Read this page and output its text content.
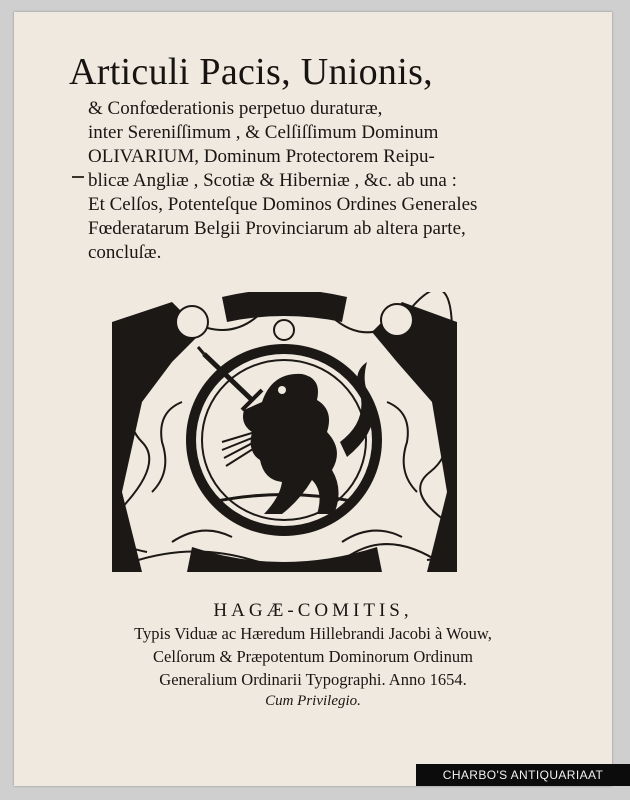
Articuli Pacis, Unionis,
& Confœderationis perpetuo duraturæ,
inter Sereniſſimum , & Celſiſſimum Dominum
OLIVARIUM, Dominum Protectorem Reipu-
blicæ Angliæ , Scotiæ & Hiberniæ , &c. ab una :
Et Celſos, Potenteſque Dominos Ordines Generales
Fœderatarum Belgii Provinciarum ab altera parte,
concluſæ.
HAGÆ-COMITIS,
Typis Viduæ ac Hæredum Hillebrandi Jacobi à Wouw,
Celſorum & Præpotentum Dominorum Ordinum
Generalium Ordinarii Typographi. Anno 1654.
Cum Privilegio.
CHARBO'S ANTIQUARIAAT
